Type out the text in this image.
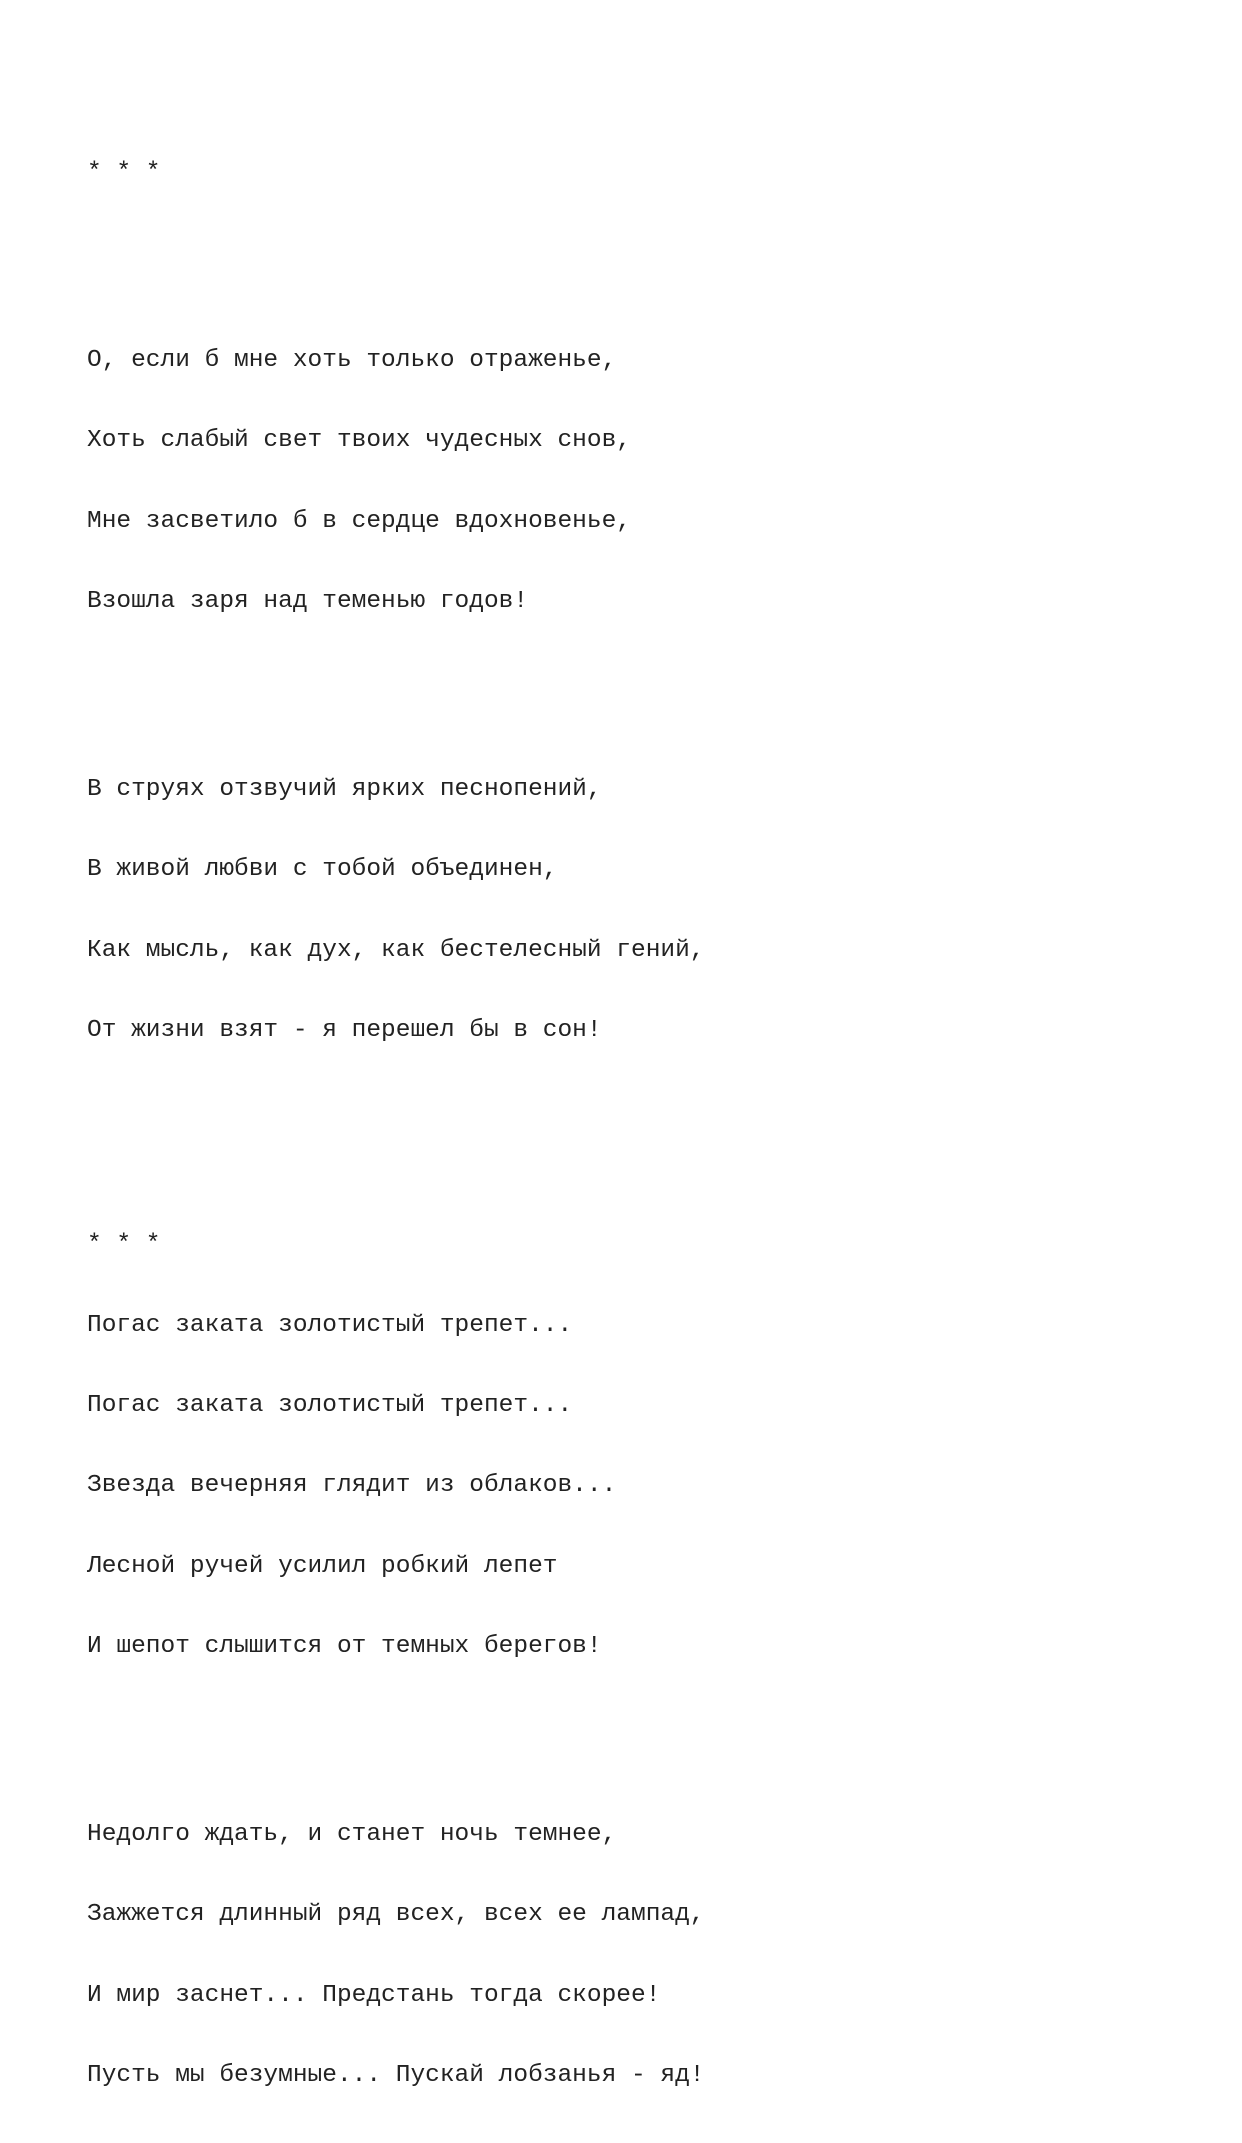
* * *

О, если б мне хоть только отраженье,

Хоть слабый свет твоих чудесных снов,

Мне засветило б в сердце вдохновенье,

Взошла заря над теменью годов!

В струях отзвучий ярких песнопений,

В живой любви с тобой объединен,

Как мысль, как дух, как бестелесный гений,

От жизни взят - я перешел бы в сон!

* * *

Погас заката золотистый трепет...

Погас заката золотистый трепет...

Звезда вечерняя глядит из облаков...

Лесной ручей усилил робкий лепет

И шепот слышится от темных берегов!

Недолго ждать, и станет ночь темнее,

Зажжется длинный ряд всех, всех ее лампад,

И мир заснет... Предстань тогда скорее!

Пусть мы безумные... Пускай лобзанья - яд!
